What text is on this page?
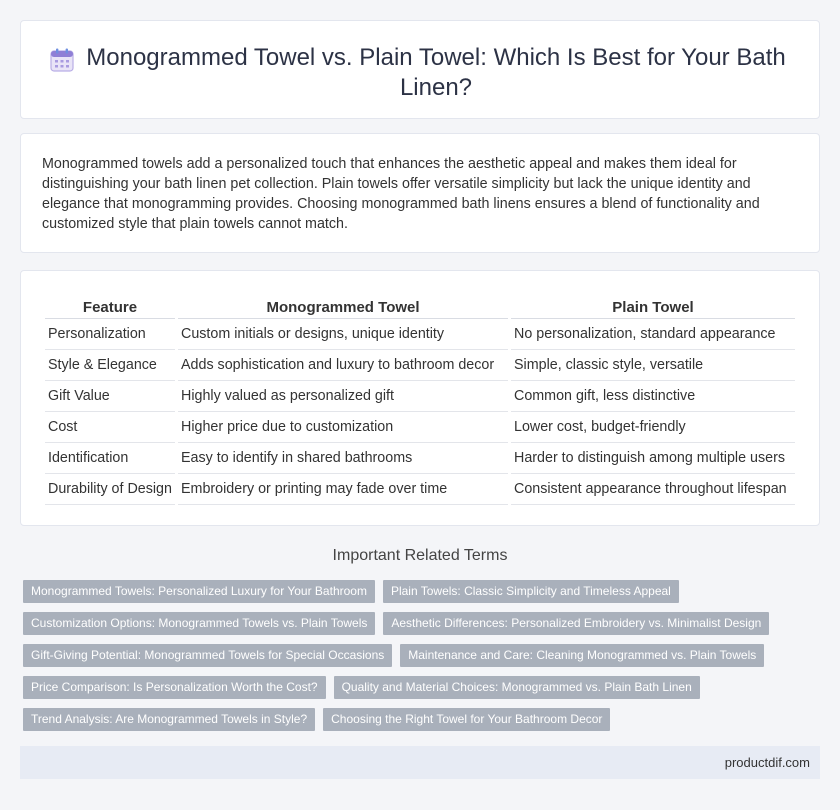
Monogrammed Towel vs. Plain Towel: Which Is Best for Your Bath Linen?

Monogrammed towels add a personalized touch that enhances the aesthetic appeal and makes them ideal for distinguishing your bath linen pet collection. Plain towels offer versatile simplicity but lack the unique identity and elegance that monogramming provides. Choosing monogrammed bath linens ensures a blend of functionality and customized style that plain towels cannot match.

Feature	Monogrammed Towel	Plain Towel
Personalization	Custom initials or designs, unique identity	No personalization, standard appearance
Style & Elegance	Adds sophistication and luxury to bathroom decor	Simple, classic style, versatile
Gift Value	Highly valued as personalized gift	Common gift, less distinctive
Cost	Higher price due to customization	Lower cost, budget-friendly
Identification	Easy to identify in shared bathrooms	Harder to distinguish among multiple users
Durability of Design	Embroidery or printing may fade over time	Consistent appearance throughout lifespan
Important Related Terms
Monogrammed Towels: Personalized Luxury for Your Bathroom	Plain Towels: Classic Simplicity and Timeless Appeal
Customization Options: Monogrammed Towels vs. Plain Towels	Aesthetic Differences: Personalized Embroidery vs. Minimalist Design
Gift-Giving Potential: Monogrammed Towels for Special Occasions	Maintenance and Care: Cleaning Monogrammed vs. Plain Towels
Price Comparison: Is Personalization Worth the Cost?	Quality and Material Choices: Monogrammed vs. Plain Bath Linen
Trend Analysis: Are Monogrammed Towels in Style?	Choosing the Right Towel for Your Bathroom Decor
productdif.com
